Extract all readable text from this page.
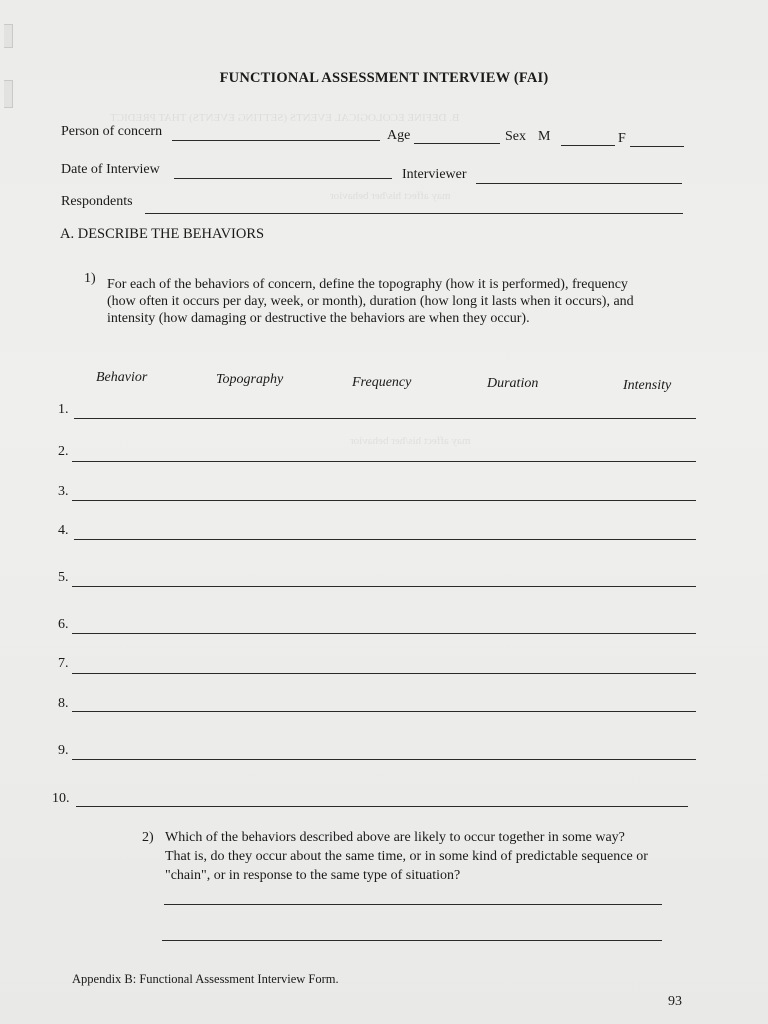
B. DEFINE ECOLOGICAL EVENTS (SETTING EVENTS) THAT PREDICT
may affect his/her behavior
may affect his/her behavior
FUNCTIONAL ASSESSMENT INTERVIEW (FAI)
Person of concern	Age	Sex M	F
Date of Interview	Interviewer
Respondents
A. DESCRIBE THE BEHAVIORS
1) For each of the behaviors of concern, define the topography (how it is performed), frequency
(how often it occurs per day, week, or month), duration (how long it lasts when it occurs), and
intensity (how damaging or destructive the behaviors are when they occur).
Behavior	Topography	Frequency	Duration	Intensity
1.
2.
3.
4.
5.
6.
7.
8.
9.
10.
2) Which of the behaviors described above are likely to occur together in some way?
That is, do they occur about the same time, or in some kind of predictable sequence or
"chain", or in response to the same type of situation?
Appendix B: Functional Assessment Interview Form.
93
